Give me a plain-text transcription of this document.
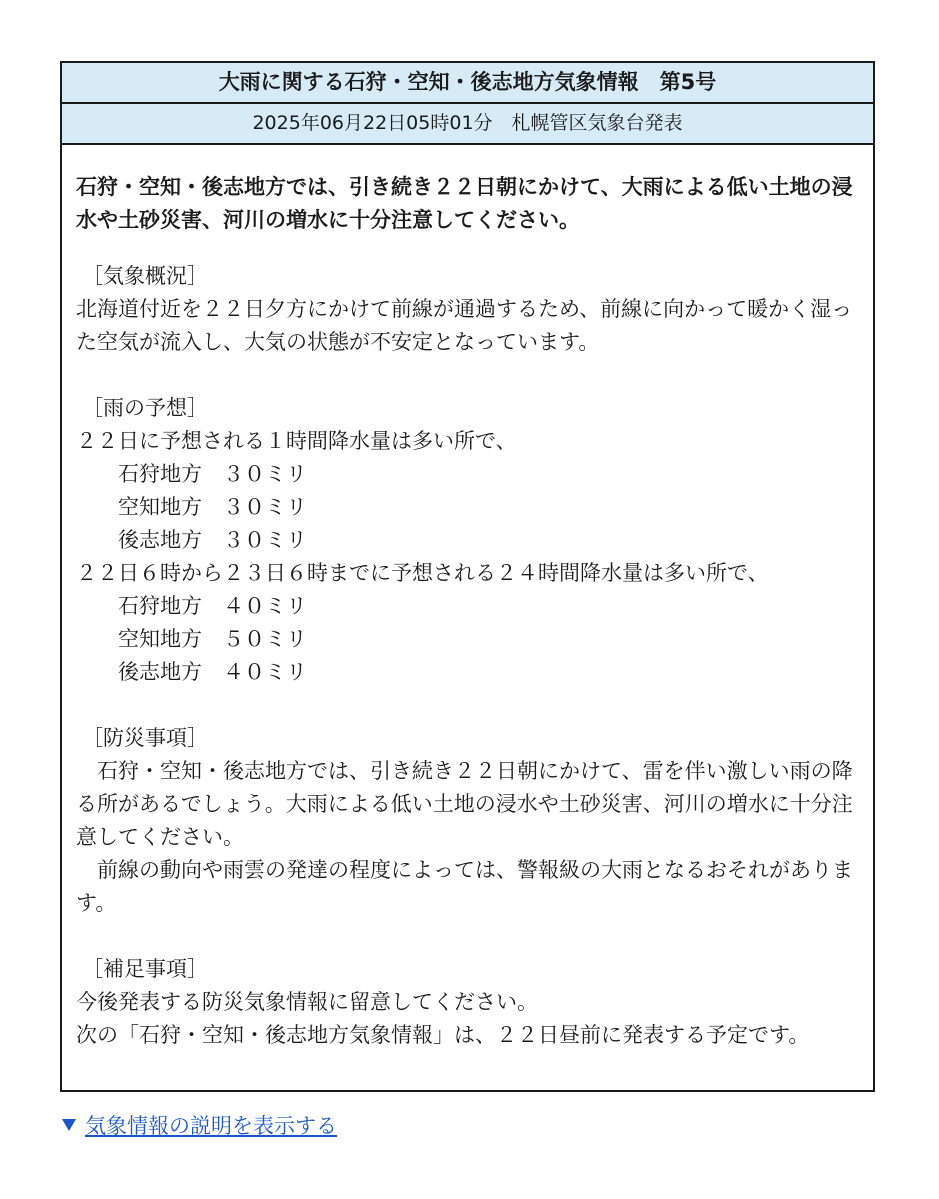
大雨に関する石狩・空知・後志地方気象情報　第5号
2025年06月22日05時01分　札幌管区気象台発表

石狩・空知・後志地方では、引き続き２２日朝にかけて、大雨による低い土地の浸水や土砂災害、河川の増水に十分注意してください。

［気象概況］

北海道付近を２２日夕方にかけて前線が通過するため、前線に向かって暖かく湿った空気が流入し、大気の状態が不安定となっています。

［雨の予想］

２２日に予想される１時間降水量は多い所で、

石狩地方　３０ミリ

空知地方　３０ミリ

後志地方　３０ミリ

２２日６時から２３日６時までに予想される２４時間降水量は多い所で、

石狩地方　４０ミリ

空知地方　５０ミリ

後志地方　４０ミリ

［防災事項］

　石狩・空知・後志地方では、引き続き２２日朝にかけて、雷を伴い激しい雨の降る所があるでしょう。大雨による低い土地の浸水や土砂災害、河川の増水に十分注意してください。

　前線の動向や雨雲の発達の程度によっては、警報級の大雨となるおそれがあります。

［補足事項］

今後発表する防災気象情報に留意してください。

次の「石狩・空知・後志地方気象情報」は、２２日昼前に発表する予定です。

気象情報の説明を表示する
